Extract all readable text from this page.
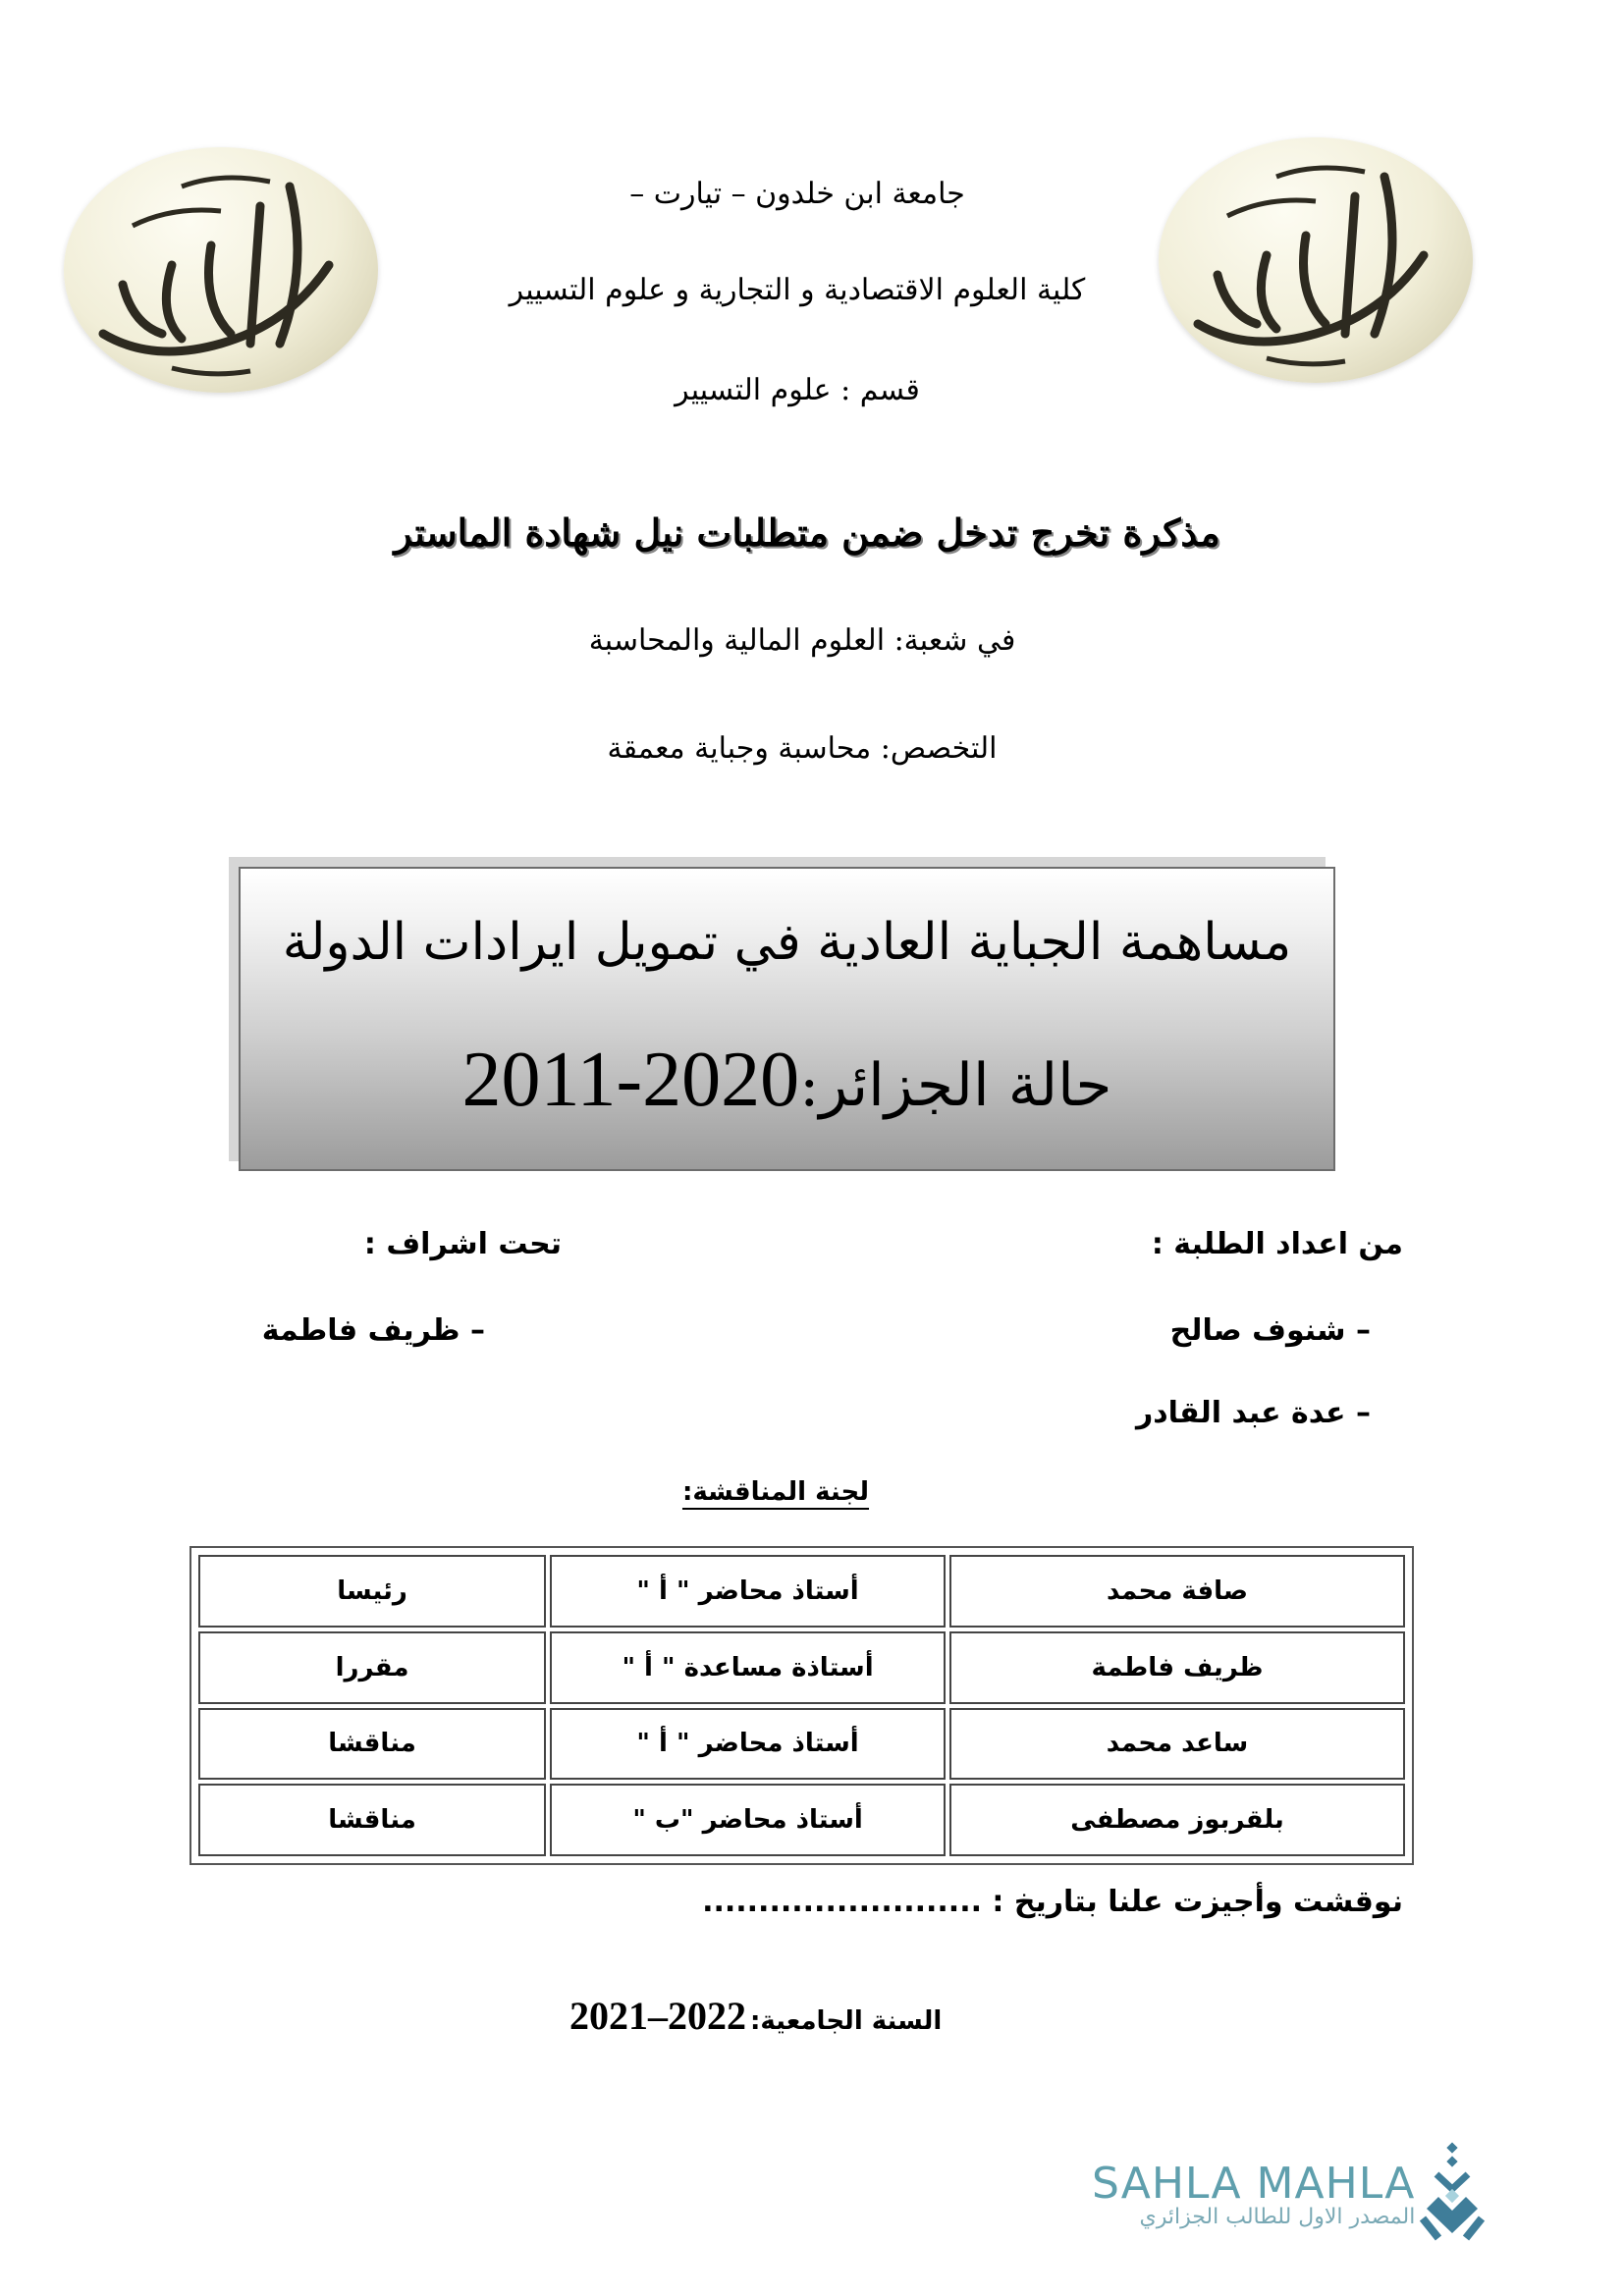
جامعة ابن خلدون – تيارت –
كلية العلوم الاقتصادية و التجارية و علوم التسيير
قسم : علوم التسيير
مذكرة تخرج تدخل ضمن متطلبات نيل شهادة الماستر
في شعبة: العلوم المالية والمحاسبة
التخصص: محاسبة وجباية معمقة
مساهمة الجباية العادية في تمويل ايرادات الدولة
حالة الجزائر:2011-2020
من اعداد الطلبة :
– شنوف صالح
– عدة عبد القادر
تحت اشراف :
– ظريف فاطمة
لجنة المناقشة:
صافة محمد	أستاذ محاضر " أ "	رئيسا
ظريف فاطمة	أستاذة مساعدة " أ "	مقررا
ساعد محمد	أستاذ محاضر " أ "	مناقشا
بلقربوز مصطفى	أستاذ محاضر "ب "	مناقشا
نوقشت وأجيزت علنا بتاريخ : .........................
السنة الجامعية: 2021–2022
SAHLA MAHLA
المصدر الاول للطالب الجزائري
